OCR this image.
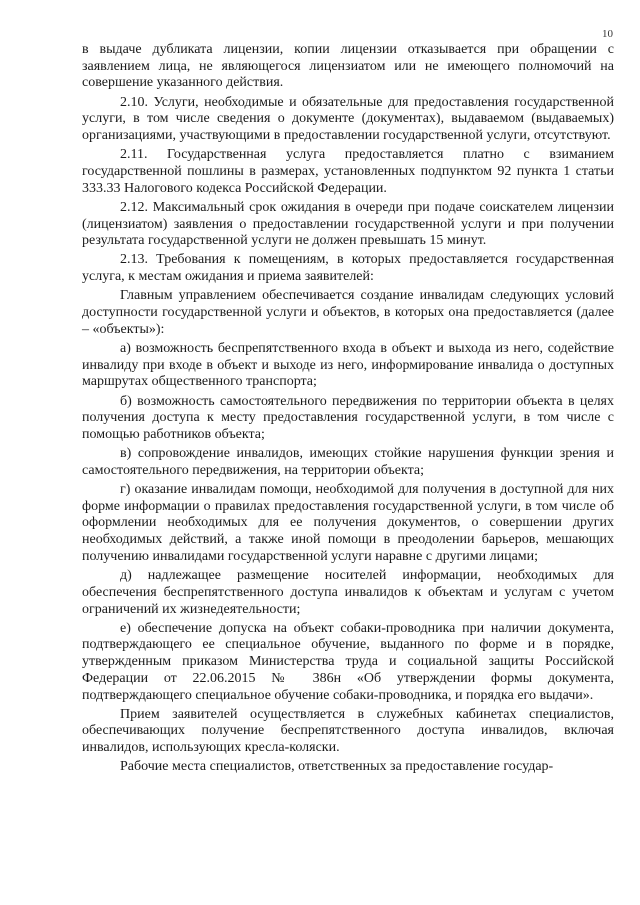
10

в выдаче дубликата лицензии, копии лицензии отказывается при обращении с заявлением лица, не являющегося лицензиатом или не имеющего полномочий на совершение указанного действия.

2.10. Услуги, необходимые и обязательные для предоставления государственной услуги, в том числе сведения о документе (документах), выдаваемом (выдаваемых) организациями, участвующими в предоставлении государственной услуги, отсутствуют.

2.11. Государственная услуга предоставляется платно с взиманием государственной пошлины в размерах, установленных подпунктом 92 пункта 1 статьи 333.33 Налогового кодекса Российской Федерации.

2.12. Максимальный срок ожидания в очереди при подаче соискателем лицензии (лицензиатом) заявления о предоставлении государственной услуги и при получении результата государственной услуги не должен превышать 15 минут.

2.13. Требования к помещениям, в которых предоставляется государственная услуга, к местам ожидания и приема заявителей:

Главным управлением обеспечивается создание инвалидам следующих условий доступности государственной услуги и объектов, в которых она предоставляется (далее – «объекты»):

а) возможность беспрепятственного входа в объект и выхода из него, содействие инвалиду при входе в объект и выходе из него, информирование инвалида о доступных маршрутах общественного транспорта;

б) возможность самостоятельного передвижения по территории объекта в целях получения доступа к месту предоставления государственной услуги, в том числе с помощью работников объекта;

в) сопровождение инвалидов, имеющих стойкие нарушения функции зрения и самостоятельного передвижения, на территории объекта;

г) оказание инвалидам помощи, необходимой для получения в доступной для них форме информации о правилах предоставления государственной услуги, в том числе об оформлении необходимых для ее получения документов, о совершении других необходимых действий, а также иной помощи в преодолении барьеров, мешающих получению инвалидами государственной услуги наравне с другими лицами;

д) надлежащее размещение носителей информации, необходимых для обеспечения беспрепятственного доступа инвалидов к объектам и услугам с учетом ограничений их жизнедеятельности;

е) обеспечение допуска на объект собаки-проводника при наличии документа, подтверждающего ее специальное обучение, выданного по форме и в порядке, утвержденным приказом Министерства труда и социальной защиты Российской Федерации от 22.06.2015 № 386н «Об утверждении формы документа, подтверждающего специальное обучение собаки-проводника, и порядка его выдачи».

Прием заявителей осуществляется в служебных кабинетах специалистов, обеспечивающих получение беспрепятственного доступа инвалидов, включая инвалидов, использующих кресла-коляски.

Рабочие места специалистов, ответственных за предоставление государ-
